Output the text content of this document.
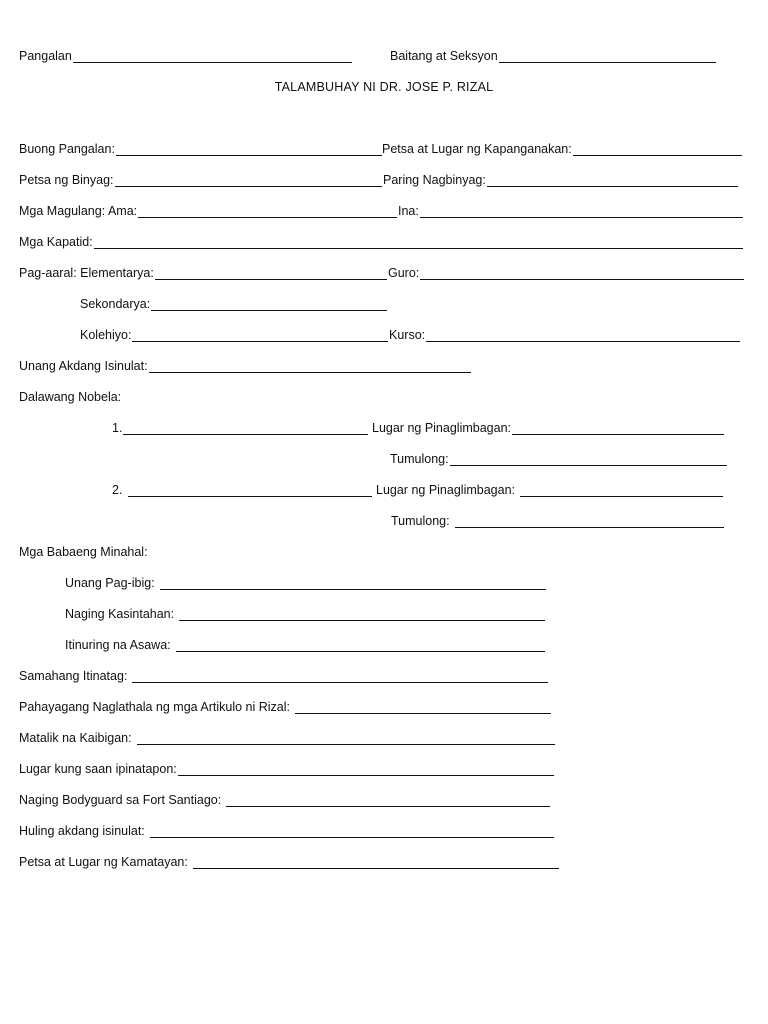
Pangalan	Baitang at Seksyon
TALAMBUHAY NI DR. JOSE P. RIZAL
Buong Pangalan:	Petsa at Lugar ng Kapanganakan:
Petsa ng Binyag:	Paring Nagbinyag:
Mga Magulang: Ama:	Ina:
Mga Kapatid:
Pag-aaral: Elementarya:	Guro:
Sekondarya:
Kolehiyo:	Kurso:
Unang Akdang Isinulat:
Dalawang Nobela:
1.	Lugar ng Pinaglimbagan:
Tumulong:
2.	Lugar ng Pinaglimbagan:
Tumulong:
Mga Babaeng Minahal:
Unang Pag-ibig:
Naging Kasintahan:
Itinuring na Asawa:
Samahang Itinatag:
Pahayagang Naglathala ng mga Artikulo ni Rizal:
Matalik na Kaibigan:
Lugar kung saan ipinatapon:
Naging Bodyguard sa Fort Santiago:
Huling akdang isinulat:
Petsa at Lugar ng Kamatayan:
